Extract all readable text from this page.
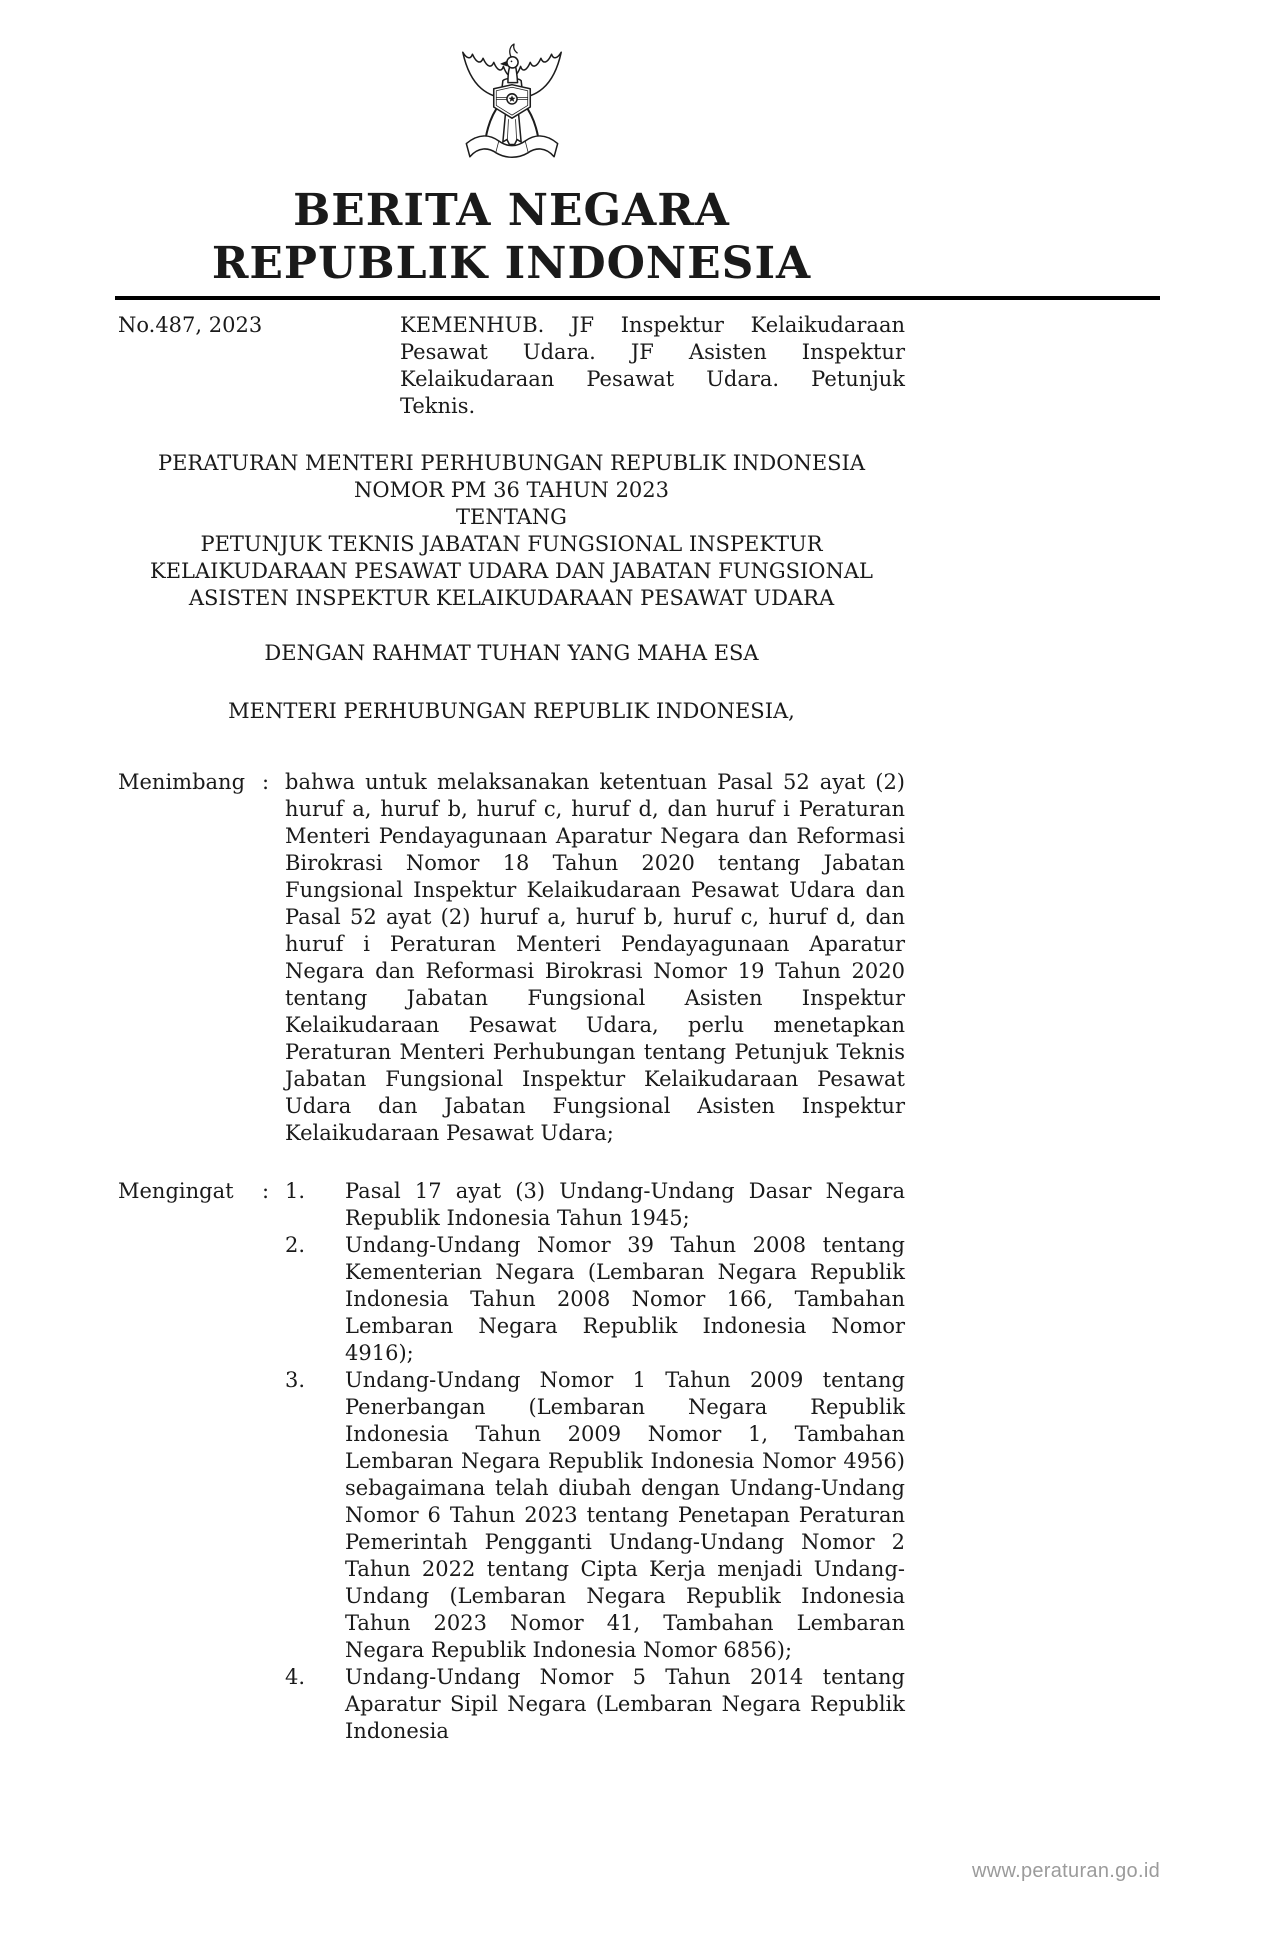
BERITA NEGARA
REPUBLIK INDONESIA
No.487, 2023	KEMENHUB. JF Inspektur Kelaikudaraan Pesawat Udara. JF Asisten Inspektur Kelaikudaraan Pesawat Udara. Petunjuk Teknis.
PERATURAN MENTERI PERHUBUNGAN REPUBLIK INDONESIA
NOMOR PM 36 TAHUN 2023
TENTANG
PETUNJUK TEKNIS JABATAN FUNGSIONAL INSPEKTUR KELAIKUDARAAN PESAWAT UDARA DAN JABATAN FUNGSIONAL ASISTEN INSPEKTUR KELAIKUDARAAN PESAWAT UDARA
DENGAN RAHMAT TUHAN YANG MAHA ESA
MENTERI PERHUBUNGAN REPUBLIK INDONESIA,
Menimbang : bahwa untuk melaksanakan ketentuan Pasal 52 ayat (2) huruf a, huruf b, huruf c, huruf d, dan huruf i Peraturan Menteri Pendayagunaan Aparatur Negara dan Reformasi Birokrasi Nomor 18 Tahun 2020 tentang Jabatan Fungsional Inspektur Kelaikudaraan Pesawat Udara dan Pasal 52 ayat (2) huruf a, huruf b, huruf c, huruf d, dan huruf i Peraturan Menteri Pendayagunaan Aparatur Negara dan Reformasi Birokrasi Nomor 19 Tahun 2020 tentang Jabatan Fungsional Asisten Inspektur Kelaikudaraan Pesawat Udara, perlu menetapkan Peraturan Menteri Perhubungan tentang Petunjuk Teknis Jabatan Fungsional Inspektur Kelaikudaraan Pesawat Udara dan Jabatan Fungsional Asisten Inspektur Kelaikudaraan Pesawat Udara;
Mengingat	: 1.	Pasal 17 ayat (3) Undang-Undang Dasar Negara Republik Indonesia Tahun 1945;
2.	Undang-Undang Nomor 39 Tahun 2008 tentang Kementerian Negara (Lembaran Negara Republik Indonesia Tahun 2008 Nomor 166, Tambahan Lembaran Negara Republik Indonesia Nomor 4916);
3.	Undang-Undang Nomor 1 Tahun 2009 tentang Penerbangan (Lembaran Negara Republik Indonesia Tahun 2009 Nomor 1, Tambahan Lembaran Negara Republik Indonesia Nomor 4956) sebagaimana telah diubah dengan Undang-Undang Nomor 6 Tahun 2023 tentang Penetapan Peraturan Pemerintah Pengganti Undang-Undang Nomor 2 Tahun 2022 tentang Cipta Kerja menjadi Undang-Undang (Lembaran Negara Republik Indonesia Tahun 2023 Nomor 41, Tambahan Lembaran Negara Republik Indonesia Nomor 6856);
4.	Undang-Undang Nomor 5 Tahun 2014 tentang Aparatur Sipil Negara (Lembaran Negara Republik Indonesia
www.peraturan.go.id
